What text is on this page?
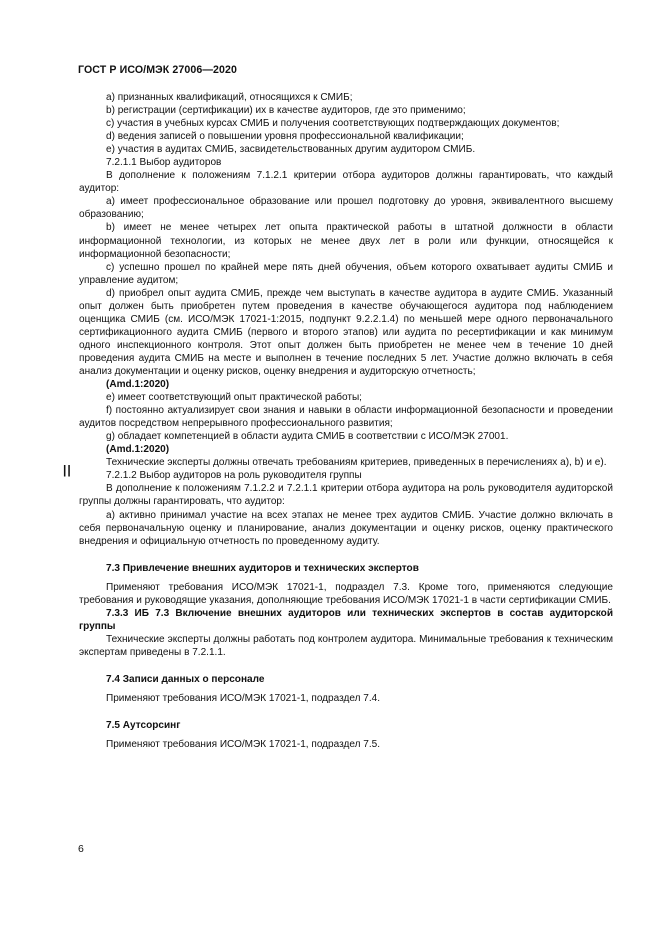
ГОСТ Р ИСО/МЭК 27006—2020
||

a) признанных квалификаций, относящихся к СМИБ;

b) регистрации (сертификации) их в качестве аудиторов, где это применимо;

c) участия в учебных курсах СМИБ и получения соответствующих подтверждающих документов;

d) ведения записей о повышении уровня профессиональной квалификации;

e) участия в аудитах СМИБ, засвидетельствованных другим аудитором СМИБ.

7.2.1.1 Выбор аудиторов

В дополнение к положениям 7.1.2.1 критерии отбора аудиторов должны гарантировать, что каждый аудитор:

a) имеет профессиональное образование или прошел подготовку до уровня, эквивалентного высшему образованию;

b) имеет не менее четырех лет опыта практической работы в штатной должности в области информационной технологии, из которых не менее двух лет в роли или функции, относящейся к информационной безопасности;

c) успешно прошел по крайней мере пять дней обучения, объем которого охватывает аудиты СМИБ и управление аудитом;

d) приобрел опыт аудита СМИБ, прежде чем выступать в качестве аудитора в аудите СМИБ. Указанный опыт должен быть приобретен путем проведения в качестве обучающегося аудитора под наблюдением оценщика СМИБ (см. ИСО/МЭК 17021-1:2015, подпункт 9.2.2.1.4) по меньшей мере одного первоначального сертификационного аудита СМИБ (первого и второго этапов) или аудита по ресертификации и как минимум одного инспекционного контроля. Этот опыт должен быть приобретен не менее чем в течение 10 дней проведения аудита СМИБ на месте и выполнен в течение последних 5 лет. Участие должно включать в себя анализ документации и оценку рисков, оценку внедрения и аудиторскую отчетность;

(Amd.1:2020)

e) имеет соответствующий опыт практической работы;

f) постоянно актуализирует свои знания и навыки в области информационной безопасности и проведении аудитов посредством непрерывного профессионального развития;

g) обладает компетенцией в области аудита СМИБ в соответствии с ИСО/МЭК 27001.

(Amd.1:2020)

Технические эксперты должны отвечать требованиям критериев, приведенных в перечислениях a), b) и e).

7.2.1.2 Выбор аудиторов на роль руководителя группы

В дополнение к положениям 7.1.2.2 и 7.2.1.1 критерии отбора аудитора на роль руководителя аудиторской группы должны гарантировать, что аудитор:

a) активно принимал участие на всех этапах не менее трех аудитов СМИБ. Участие должно включать в себя первоначальную оценку и планирование, анализ документации и оценку рисков, оценку практического внедрения и официальную отчетность по проведенному аудиту.

7.3 Привлечение внешних аудиторов и технических экспертов

Применяют требования ИСО/МЭК 17021-1, подраздел 7.3. Кроме того, применяются следующие требования и руководящие указания, дополняющие требования ИСО/МЭК 17021-1 в части сертификации СМИБ.

7.3.3 ИБ 7.3 Включение внешних аудиторов или технических экспертов в состав аудиторской группы

Технические эксперты должны работать под контролем аудитора. Минимальные требования к техническим экспертам приведены в 7.2.1.1.

7.4 Записи данных о персонале

Применяют требования ИСО/МЭК 17021-1, подраздел 7.4.

7.5 Аутсорсинг

Применяют требования ИСО/МЭК 17021-1, подраздел 7.5.

6
